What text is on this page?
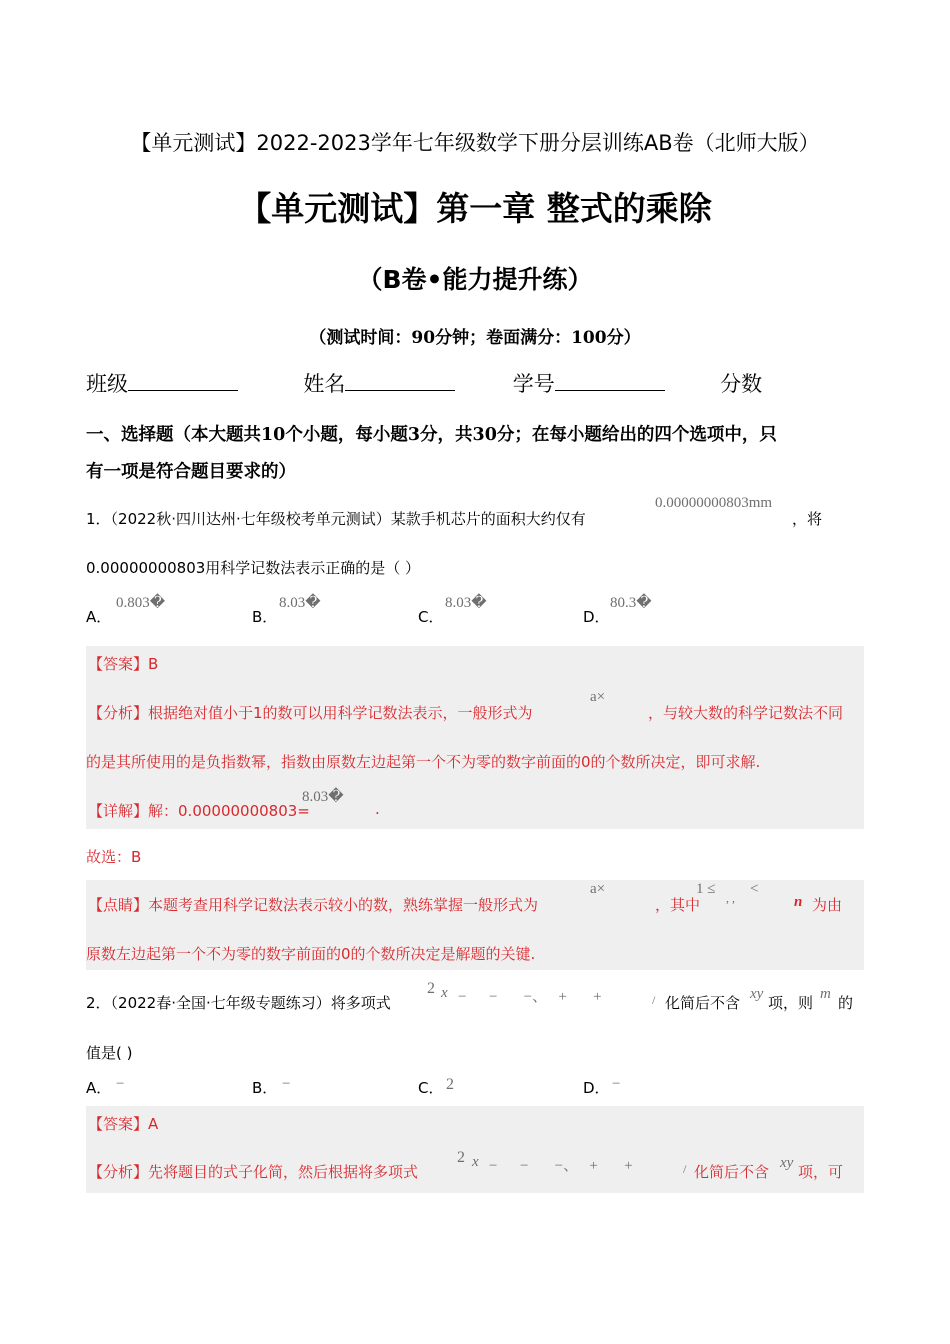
【单元测试】2022-2023学年七年级数学下册分层训练AB卷（北师大版）
【单元测试】第一章 整式的乘除
（B卷•能力提升练）
（测试时间：90分钟；卷面满分：100分）
班级	姓名	学号	分数
一、选择题（本大题共10个小题，每小题3分，共30分；在每小题给出的四个选项中，只
有一项是符合题目要求的）
1．（2022秋·四川达州·七年级校考单元测试）某款手机芯片的面积大约仅有
0.00000000803mm
，将
0.00000000803用科学记数法表示正确的是（ ）
A．
0.803�
B．
8.03�
C．
8.03�
D．
80.3�
【答案】B
【分析】根据绝对值小于1的数可以用科学记数法表示，一般形式为
a×
，与较大数的科学记数法不同
的是其所使用的是负指数幂，指数由原数左边起第一个不为零的数字前面的0的个数所决定，即可求解.
【详解】解：0.00000000803=
8.03�
.
故选：B
【点睛】本题考查用科学记数法表示较小的数，熟练掌握一般形式为
a×
，其中
1 ≤
, ,
<
n 为由
原数左边起第一个不为零的数字前面的0的个数所决定是解题的关键.
2．（2022春·全国·七年级专题练习）将多项式
2 x −      −       −、   +       +	/ 化简后不含 xy 项，则 m 的
值是( )
A． −	B． −	C． 2	D． −
【答案】A
【分析】先将题目的式子化简，然后根据将多项式
2 x −      −       −、   +       +	/ 化简后不含 xy 项，可
